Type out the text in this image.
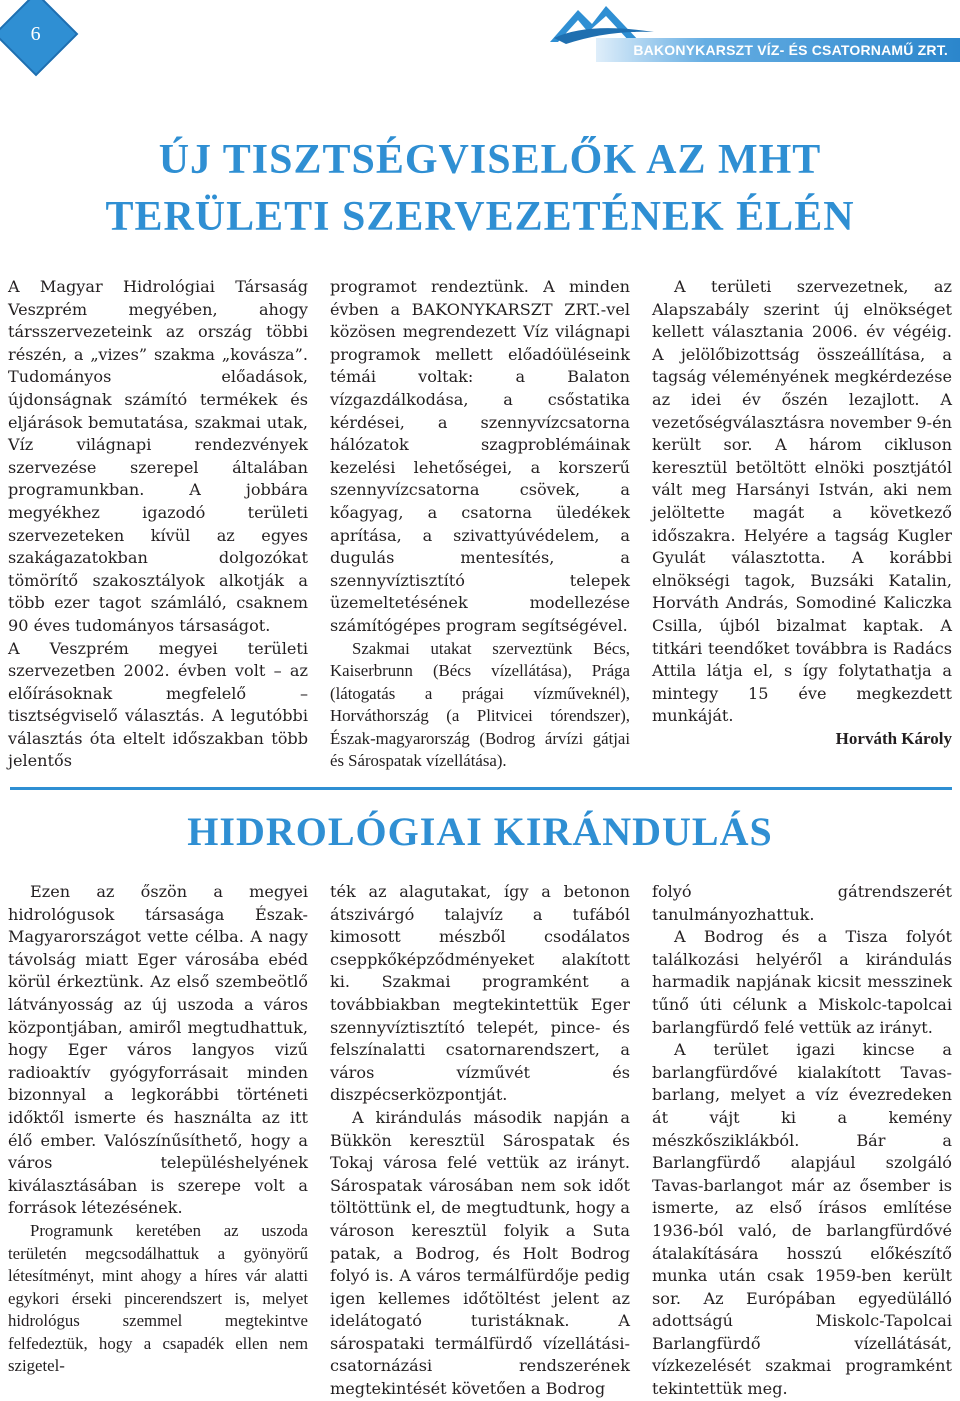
6
BAKONYKARSZT VÍZ- ÉS CSATORNAMŰ ZRT.
ÚJ TISZTSÉGVISELŐK AZ MHT
TERÜLETI SZERVEZETÉNEK ÉLÉN

A Magyar Hidrológiai Társaság Veszprém megyében, ahogy társszervezeteink az ország többi részén, a „vizes” szakma „kovásza”. Tudományos előadások, újdonságnak számító termékek és eljárások bemutatása, szakmai utak, Víz világnapi rendezvények szervezése szerepel általában programunkban. A jobbára megyékhez igazodó területi szervezeteken kívül az egyes szakágazatokban dolgozókat tömörítő szakosztályok alkotják a több ezer tagot számláló, csaknem 90 éves tudományos társaságot.

A Veszprém megyei területi szervezetben 2002. évben volt – az előírásoknak megfelelő – tisztségviselő választás. A legutóbbi választás óta eltelt időszakban több jelentős

programot rendeztünk. A minden évben a BAKONYKARSZT ZRT.-vel közösen megrendezett Víz világnapi programok mellett előadóüléseink témái voltak: a Balaton vízgazdálkodása, a csőstatika kérdései, a szennyvízcsatorna hálózatok szagproblémáinak kezelési lehetőségei, a korszerű szennyvízcsatorna csövek, a kőagyag, a csatorna üledékek aprítása, a szivattyúvédelem, a dugulás mentesítés, a szennyvíztisztító telepek üzemeltetésének modellezése számítógépes program segítségével.

Szakmai utakat szerveztünk Bécs, Kaiserbrunn (Bécs vízellátása), Prága (látogatás a prágai vízműveknél), Horváthország (a Plitvicei tórendszer), Észak-magyarország (Bodrog árvízi gátjai és Sárospatak vízellátása).

A területi szervezetnek, az Alapszabály szerint új elnökséget kellett választania 2006. év végéig. A jelölőbizottság összeállítása, a tagság véleményének megkérdezése az idei év őszén lezajlott. A vezetőségválasztásra november 9-én került sor. A három cikluson keresztül betöltött elnöki posztjától vált meg Harsányi István, aki nem jelöltette magát a következő időszakra. Helyére a tagság Kugler Gyulát választotta. A korábbi elnökségi tagok, Buzsáki Katalin, Horváth András, Somodiné Kaliczka Csilla, újból bizalmat kaptak. A titkári teendőket továbbra is Radács Attila látja el, s így folytathatja a mintegy 15 éve megkezdett munkáját.

Horváth Károly

HIDROLÓGIAI KIRÁNDULÁS

Ezen az őszön a megyei hidrológusok társasága Észak-Magyarországot vette célba. A nagy távolság miatt Eger városába ebéd körül érkeztünk. Az első szembeötlő látványosság az új uszoda a város központjában, amiről megtudhattuk, hogy Eger város langyos vizű radioaktív gyógyforrásait minden bizonnyal a legkorábbi történeti időktől ismerte és használta az itt élő ember. Valószínűsíthető, hogy a város településhelyének kiválasztásában is szerepe volt a források létezésének.

Programunk keretében az uszoda területén megcsodálhattuk a gyönyörű létesítményt, mint ahogy a híres vár alatti egykori érseki pincerendszert is, melyet hidrológus szemmel megtekintve felfedeztük, hogy a csapadék ellen nem szigetel-

ték az alagutakat, így a betonon átszivárgó talajvíz a tufából kimosott mészből csodálatos cseppkőképződményeket alakított ki. Szakmai programként a továbbiakban megtekintettük Eger szennyvíztisztító telepét, pince- és felszínalatti csatornarendszert, a város vízművét és diszpécserközpontját.

A kirándulás második napján a Bükkön keresztül Sárospatak és Tokaj városa felé vettük az irányt. Sárospatak városában nem sok időt töltöttünk el, de megtudtunk, hogy a városon keresztül folyik a Suta patak, a Bodrog, és Holt Bodrog folyó is. A város termálfürdője pedig igen kellemes időtöltést jelent az idelátogató turistáknak. A sárospataki termálfürdő vízellátási- csatornázási rendszerének megtekintését követően a Bodrog

folyó gátrendszerét tanulmányozhattuk.

A Bodrog és a Tisza folyót találkozási helyéről a kirándulás harmadik napjának kicsit messzinek tűnő úti célunk a Miskolc-tapolcai barlangfürdő felé vettük az irányt.

A terület igazi kincse a barlangfürdővé kialakított Tavas-barlang, melyet a víz évezredeken át vájt ki a kemény mészkősziklákból. Bár a Barlangfürdő alapjául szolgáló Tavas-barlangot már az ősember is ismerte, az első írásos említése 1936-ból való, de barlangfürdővé átalakítására hosszú előkészítő munka után csak 1959-ben került sor. Az Európában egyedülálló adottságú Miskolc-Tapolcai Barlangfürdő vízellátását, vízkezelését szakmai programként tekintettük meg.
